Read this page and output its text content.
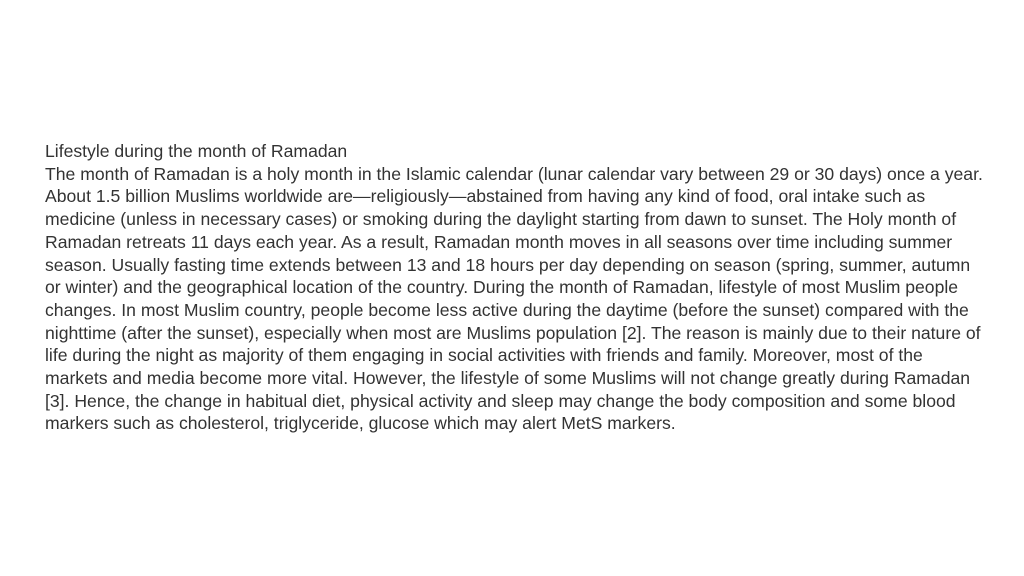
Lifestyle during the month of Ramadan

The month of Ramadan is a holy month in the Islamic calendar (lunar calendar vary between 29 or 30 days) once a year. About 1.5 billion Muslims worldwide are—religiously—abstained from having any kind of food, oral intake such as medicine (unless in necessary cases) or smoking during the daylight starting from dawn to sunset. The Holy month of Ramadan retreats 11 days each year. As a result, Ramadan month moves in all seasons over time including summer season. Usually fasting time extends between 13 and 18 hours per day depending on season (spring, summer, autumn or winter) and the geographical location of the country. During the month of Ramadan, lifestyle of most Muslim people changes. In most Muslim country, people become less active during the daytime (before the sunset) compared with the nighttime (after the sunset), especially when most are Muslims population [2]. The reason is mainly due to their nature of life during the night as majority of them engaging in social activities with friends and family. Moreover, most of the markets and media become more vital. However, the lifestyle of some Muslims will not change greatly during Ramadan [3]. Hence, the change in habitual diet, physical activity and sleep may change the body composition and some blood markers such as cholesterol, triglyceride, glucose which may alert MetS markers.
